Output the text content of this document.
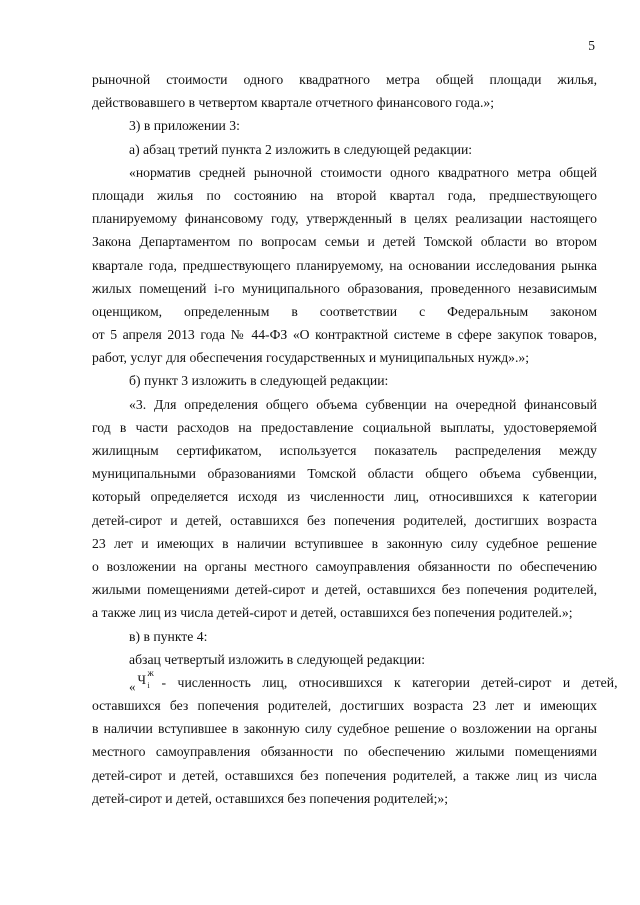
5
рыночной стоимости одного квадратного метра общей площади жилья,
действовавшего в четвертом квартале отчетного финансового года.»;
3) в приложении 3:
а) абзац третий пункта 2 изложить в следующей редакции:
«норматив средней рыночной стоимости одного квадратного метра общей
площади жилья по состоянию на второй квартал года, предшествующего
планируемому финансовому году, утвержденный в целях реализации настоящего
Закона Департаментом по вопросам семьи и детей Томской области во втором
квартале года, предшествующего планируемому, на основании исследования рынка
жилых помещений i-го муниципального образования, проведенного независимым
оценщиком, определенным в соответствии с Федеральным законом
от 5 апреля 2013 года № 44-ФЗ «О контрактной системе в сфере закупок товаров,
работ, услуг для обеспечения государственных и муниципальных нужд».»;
б) пункт 3 изложить в следующей редакции:
«3. Для определения общего объема субвенции на очередной финансовый
год в части расходов на предоставление социальной выплаты, удостоверяемой
жилищным сертификатом, используется показатель распределения между
муниципальными образованиями Томской области общего объема субвенции,
который определяется исходя из численности лиц, относившихся к категории
детей-сирот и детей, оставшихся без попечения родителей, достигших возраста
23 лет и имеющих в наличии вступившее в законную силу судебное решение
о возложении на органы местного самоуправления обязанности по обеспечению
жилыми помещениями детей-сирот и детей, оставшихся без попечения родителей,
а также лиц из числа детей-сирот и детей, оставшихся без попечения родителей.»;
в) в пункте 4:
абзац четвертый изложить в следующей редакции:
« Ч ж
i - численность лиц, относившихся к категории детей-сирот и детей,
оставшихся без попечения родителей, достигших возраста 23 лет и имеющих
в наличии вступившее в законную силу судебное решение о возложении на органы
местного самоуправления обязанности по обеспечению жилыми помещениями
детей-сирот и детей, оставшихся без попечения родителей, а также лиц из числа
детей-сирот и детей, оставшихся без попечения родителей;»;
